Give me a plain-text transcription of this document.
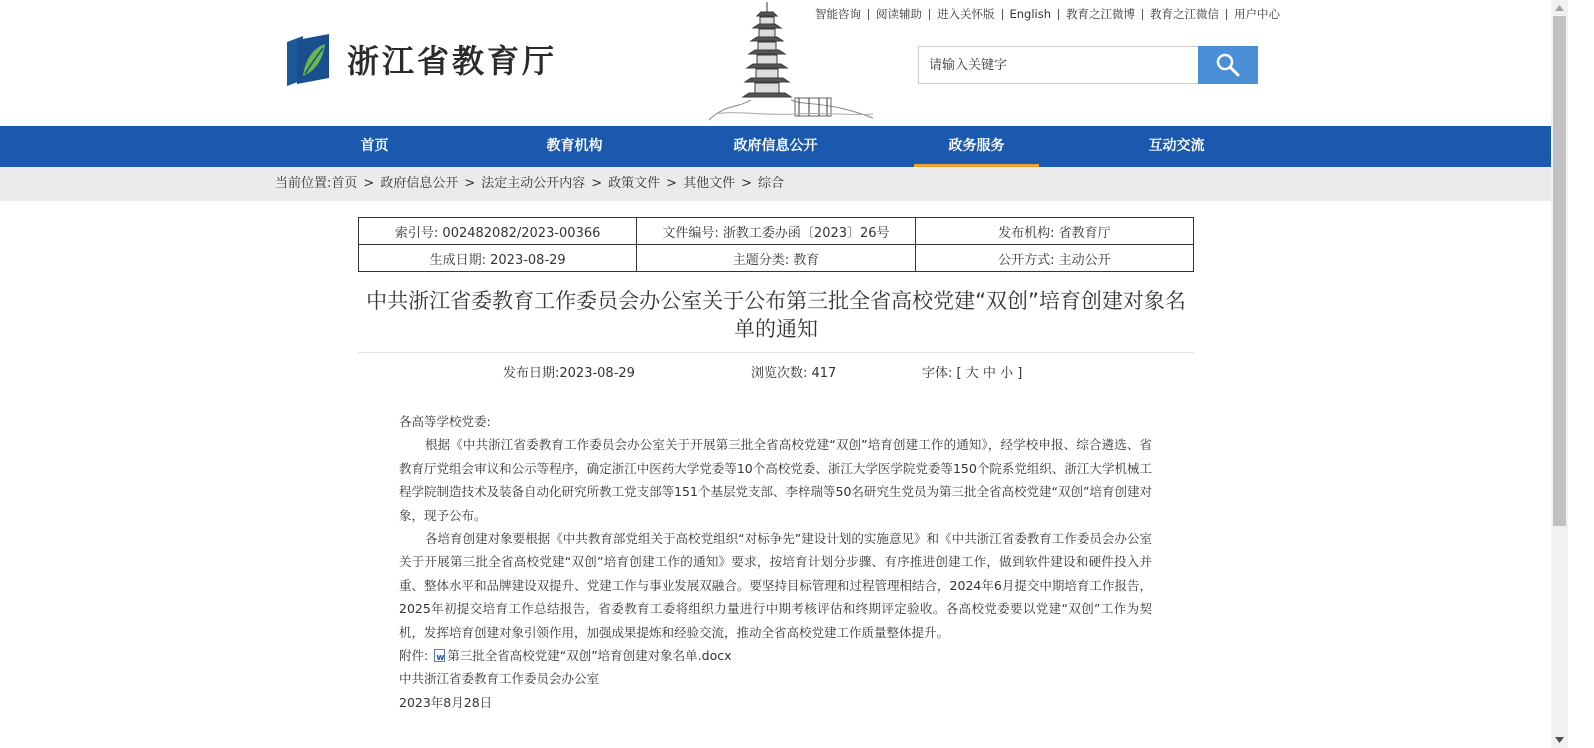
浙江省教育厅
智能咨询 阅读辅助 进入关怀版 English 教育之江微博 教育之江微信 用户中心
请输入关键字
首页	教育机构	政府信息公开	政务服务	互动交流
当前位置:首页 > 政府信息公开 > 法定主动公开内容 > 政策文件 > 其他文件 > 综合
索引号: 002482082/2023-00366	文件编号: 浙教工委办函〔2023〕26号	发布机构: 省教育厅
生成日期: 2023-08-29	主题分类: 教育	公开方式: 主动公开
中共浙江省委教育工作委员会办公室关于公布第三批全省高校党建“双创”培育创建对象名单的通知
发布日期:2023-08-29	浏览次数: 417	字体: [ 大 中 小 ]

各高等学校党委:

根据《中共浙江省委教育工作委员会办公室关于开展第三批全省高校党建“双创”培育创建工作的通知》，经学校申报、综合遴选、省教育厅党组会审议和公示等程序，确定浙江中医药大学党委等10个高校党委、浙江大学医学院党委等150个院系党组织、浙江大学机械工程学院制造技术及装备自动化研究所教工党支部等151个基层党支部、李梓瑞等50名研究生党员为第三批全省高校党建“双创”培育创建对象，现予公布。

各培育创建对象要根据《中共教育部党组关于高校党组织“对标争先”建设计划的实施意见》和《中共浙江省委教育工作委员会办公室关于开展第三批全省高校党建“双创”培育创建工作的通知》要求，按培育计划分步骤、有序推进创建工作，做到软件建设和硬件投入并重、整体水平和品牌建设双提升、党建工作与事业发展双融合。要坚持目标管理和过程管理相结合，2024年6月提交中期培育工作报告，2025年初提交培育工作总结报告，省委教育工委将组织力量进行中期考核评估和终期评定验收。各高校党委要以党建“双创”工作为契机，发挥培育创建对象引领作用，加强成果提炼和经验交流，推动全省高校党建工作质量整体提升。

附件: w 第三批全省高校党建“双创”培育创建对象名单.docx

中共浙江省委教育工作委员会办公室

2023年8月28日
